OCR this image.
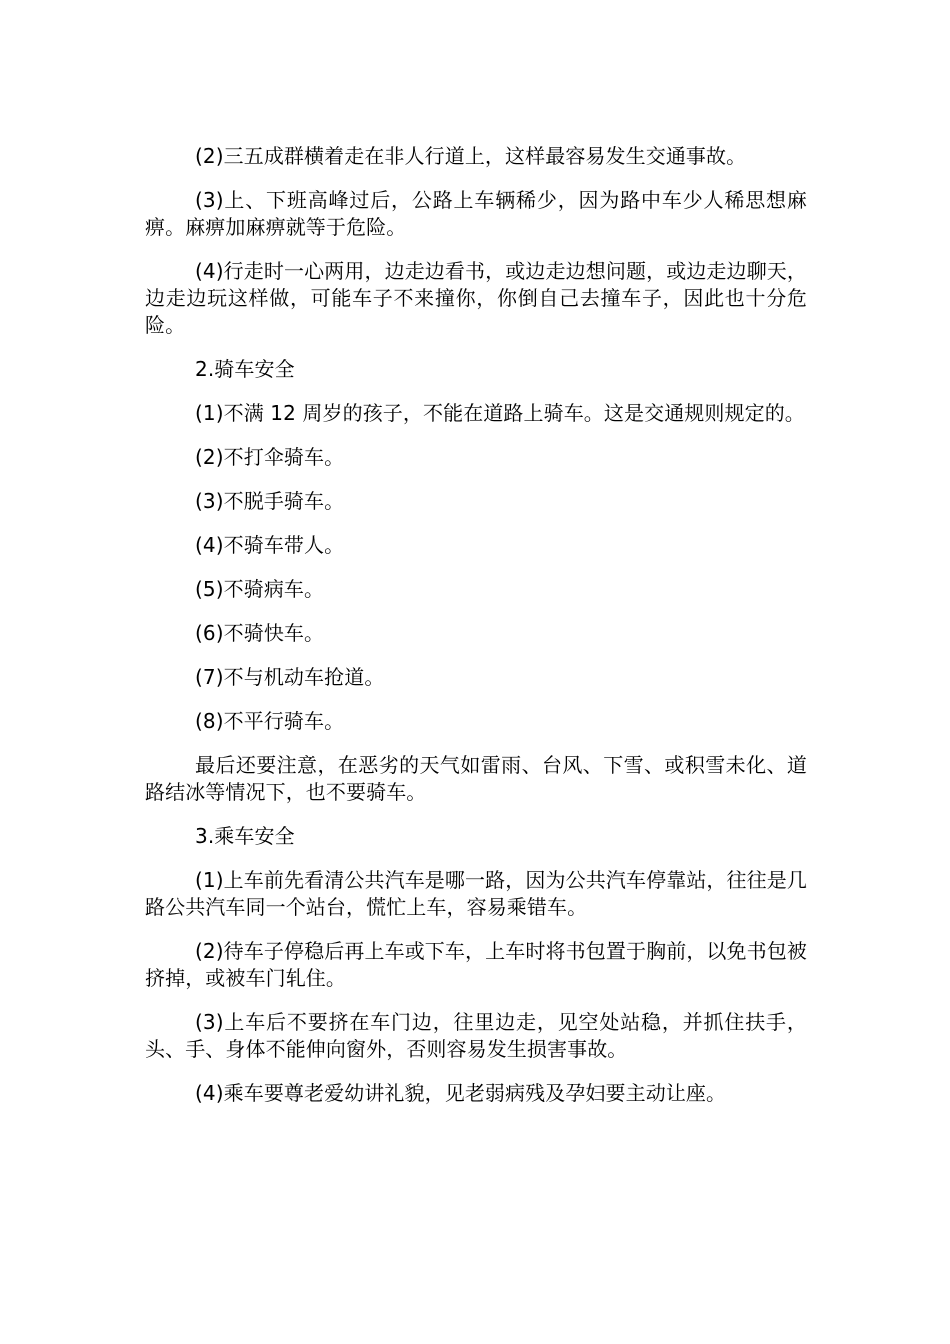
(2)三五成群横着走在非人行道上，这样最容易发生交通事故。

(3)上、下班高峰过后，公路上车辆稀少，因为路中车少人稀思想麻痹。麻痹加麻痹就等于危险。

(4)行走时一心两用，边走边看书，或边走边想问题，或边走边聊天，边走边玩这样做，可能车子不来撞你，你倒自己去撞车子，因此也十分危险。

2.骑车安全

(1)不满 12 周岁的孩子，不能在道路上骑车。这是交通规则规定的。

(2)不打伞骑车。

(3)不脱手骑车。

(4)不骑车带人。

(5)不骑病车。

(6)不骑快车。

(7)不与机动车抢道。

(8)不平行骑车。

最后还要注意，在恶劣的天气如雷雨、台风、下雪、或积雪未化、道路结冰等情况下，也不要骑车。

3.乘车安全

(1)上车前先看清公共汽车是哪一路，因为公共汽车停靠站，往往是几路公共汽车同一个站台，慌忙上车，容易乘错车。

(2)待车子停稳后再上车或下车，上车时将书包置于胸前，以免书包被挤掉，或被车门轧住。

(3)上车后不要挤在车门边，往里边走，见空处站稳，并抓住扶手，头、手、身体不能伸向窗外，否则容易发生损害事故。

(4)乘车要尊老爱幼讲礼貌，见老弱病残及孕妇要主动让座。
